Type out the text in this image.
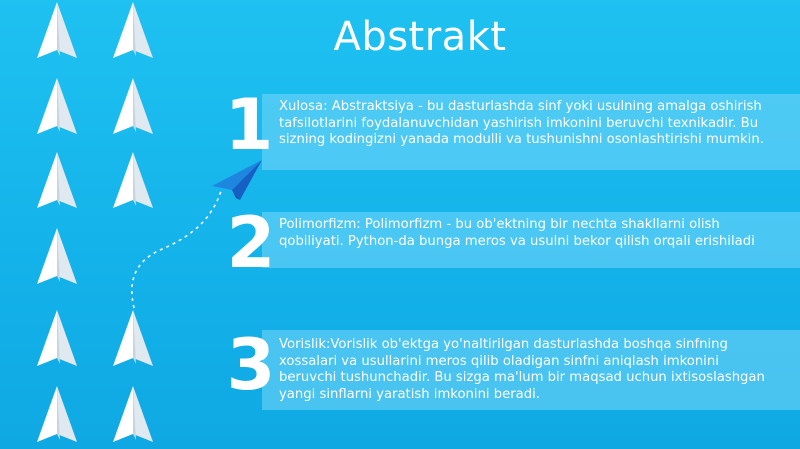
Abstrakt
1
2
3
Xulosa: Abstraktsiya - bu dasturlashda sinf yoki usulning amalga oshirish tafsilotlarini foydalanuvchidan yashirish imkonini beruvchi texnikadir. Bu sizning kodingizni yanada modulli va tushunishni osonlashtirishi mumkin.
Polimorfizm: Polimorfizm - bu ob'ektning bir nechta shakllarni olish qobiliyati. Python-da bunga meros va usulni bekor qilish orqali erishiladi
Vorislik:Vorislik ob'ektga yo'naltirilgan dasturlashda boshqa sinfning xossalari va usullarini meros qilib oladigan sinfni aniqlash imkonini beruvchi tushunchadir. Bu sizga ma'lum bir maqsad uchun ixtisoslashgan yangi sinflarni yaratish imkonini beradi.
